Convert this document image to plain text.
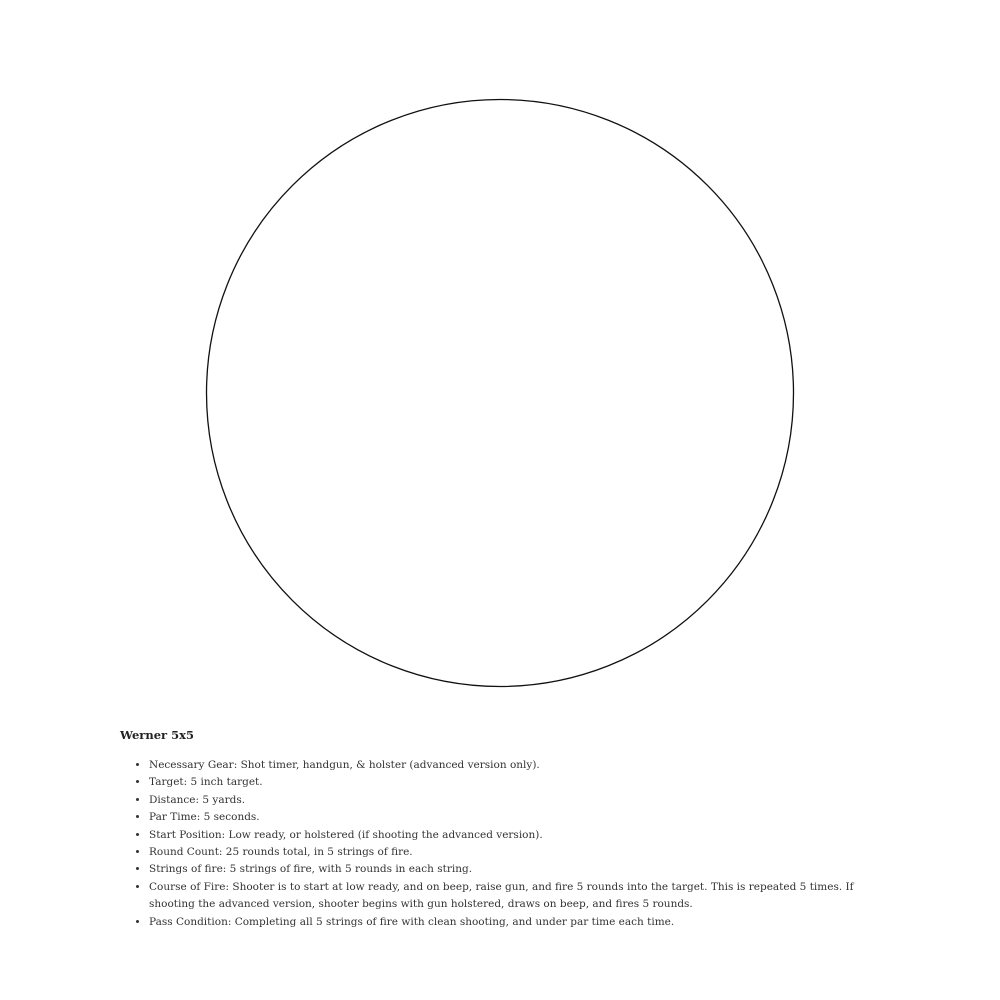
Werner 5x5
• Necessary Gear: Shot timer, handgun, & holster (advanced version only).
• Target: 5 inch target.
• Distance: 5 yards.
• Par Time: 5 seconds.
• Start Position: Low ready, or holstered (if shooting the advanced version).
• Round Count: 25 rounds total, in 5 strings of fire.
• Strings of fire: 5 strings of fire, with 5 rounds in each string.
• Course of Fire: Shooter is to start at low ready, and on beep, raise gun, and fire 5 rounds into the target. This is repeated 5 times. If shooting the advanced version, shooter begins with gun holstered, draws on beep, and fires 5 rounds.
• Pass Condition: Completing all 5 strings of fire with clean shooting, and under par time each time.
